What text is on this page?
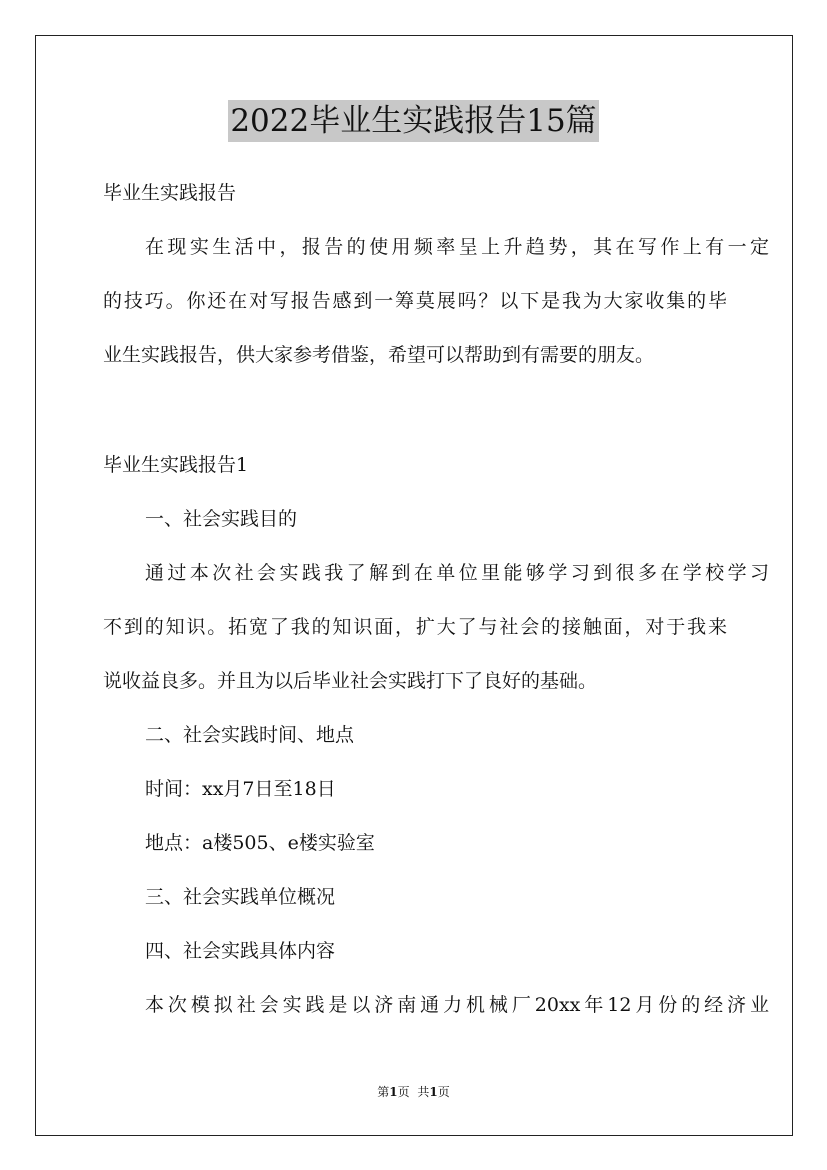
2022毕业生实践报告15篇
毕业生实践报告
在现实生活中，报告的使用频率呈上升趋势，其在写作上有一定
的技巧。你还在对写报告感到一筹莫展吗？以下是我为大家收集的毕
业生实践报告，供大家参考借鉴，希望可以帮助到有需要的朋友。
毕业生实践报告1
一、社会实践目的
通过本次社会实践我了解到在单位里能够学习到很多在学校学习
不到的知识。拓宽了我的知识面，扩大了与社会的接触面，对于我来
说收益良多。并且为以后毕业社会实践打下了良好的基础。
二、社会实践时间、地点
时间：xx月7日至18日
地点：a楼505、e楼实验室
三、社会实践单位概况
四、社会实践具体内容
本次模拟社会实践是以济南通力机械厂20xx年12月份的经济业
第1页 共1页
